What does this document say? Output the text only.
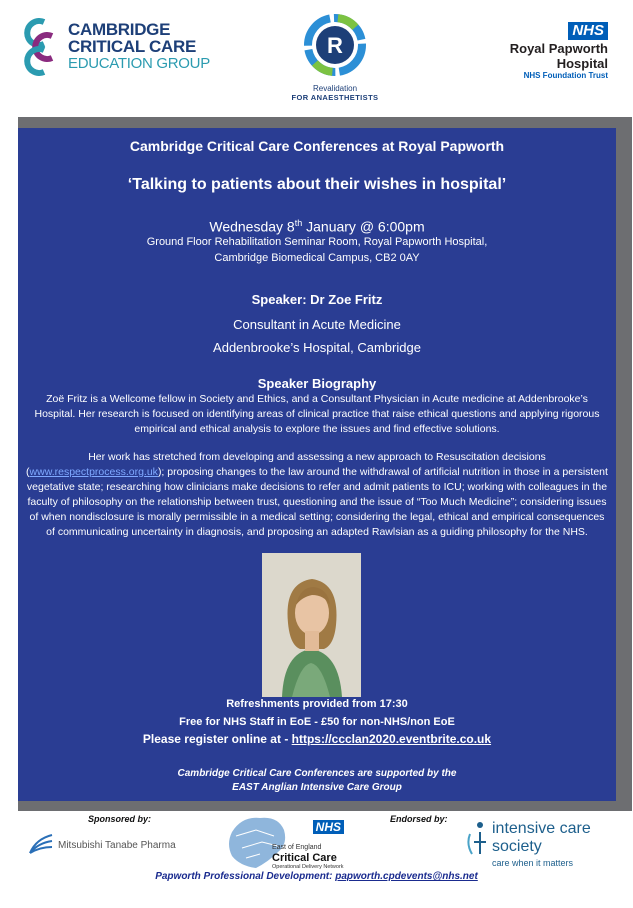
CAMBRIDGE
CRITICAL CARE
EDUCATION GROUP
R
Revalidation
FOR ANAESTHETISTS
NHS
Royal Papworth Hospital
NHS Foundation Trust
Cambridge Critical Care Conferences at Royal Papworth
‘Talking to patients about their wishes in hospital’
Wednesday 8th January @ 6:00pm
Ground Floor Rehabilitation Seminar Room, Royal Papworth Hospital,
Cambridge Biomedical Campus, CB2 0AY
Speaker: Dr Zoe Fritz
Consultant in Acute Medicine
Addenbrooke’s Hospital, Cambridge
Speaker Biography
Zoë Fritz is a Wellcome fellow in Society and Ethics, and a Consultant Physician in Acute medicine at Addenbrooke’s Hospital. Her research is focused on identifying areas of clinical practice that raise ethical questions and applying rigorous empirical and ethical analysis to explore the issues and find effective solutions.
Her work has stretched from developing and assessing a new approach to Resuscitation decisions (www.respectprocess.org.uk); proposing changes to the law around the withdrawal of artificial nutrition in those in a persistent vegetative state; researching how clinicians make decisions to refer and admit patients to ICU; working with colleagues in the faculty of philosophy on the relationship between trust, questioning and the issue of “Too Much Medicine”; considering issues of when nondisclosure is morally permissible in a medical setting; considering the legal, ethical and empirical consequences of communicating uncertainty in diagnosis, and proposing an adapted Rawlsian as a guiding philosophy for the NHS.
Refreshments provided from 17:30
Free for NHS Staff in EoE - £50 for non-NHS/non EoE
Please register online at - https://ccclan2020.eventbrite.co.uk
Cambridge Critical Care Conferences are supported by the
EAST Anglian Intensive Care Group
Sponsored by:
Mitsubishi Tanabe Pharma
NHS
East of England
Critical Care
Operational Delivery Network
Endorsed by:
intensive care
society
care when it matters
Papworth Professional Development: papworth.cpdevents@nhs.net
